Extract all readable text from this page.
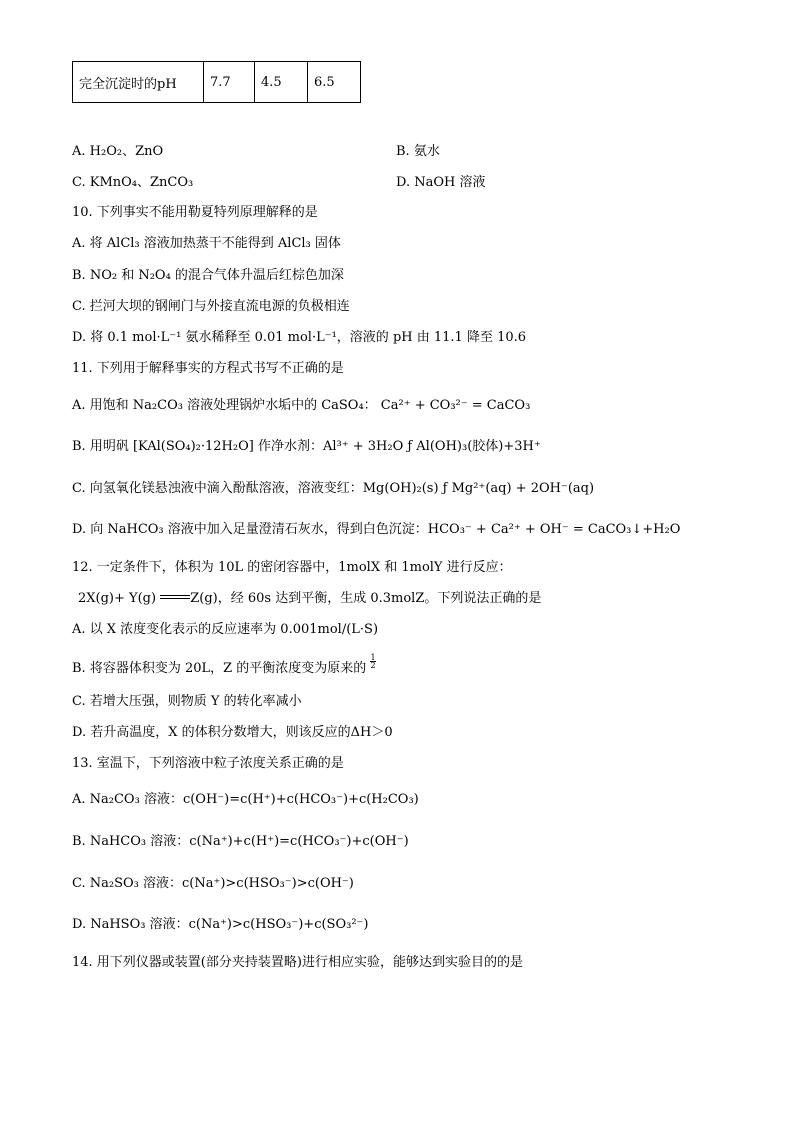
完全沉淀时的pH	7.7	4.5	6.5
A. H₂O₂、ZnO	B. 氨水
C. KMnO₄、ZnCO₃	D. NaOH 溶液
10. 下列事实不能用勒夏特列原理解释的是
A. 将 AlCl₃ 溶液加热蒸干不能得到 AlCl₃ 固体
B. NO₂ 和 N₂O₄ 的混合气体升温后红棕色加深
C. 拦河大坝的钢闸门与外接直流电源的负极相连
D. 将 0.1 mol·L⁻¹ 氨水稀释至 0.01 mol·L⁻¹，溶液的 pH 由 11.1 降至 10.6
11. 下列用于解释事实的方程式书写不正确的是
A. 用饱和 Na₂CO₃ 溶液处理锅炉水垢中的 CaSO₄： Ca²⁺ + CO₃²⁻ = CaCO₃
B. 用明矾 [KAl(SO₄)₂·12H₂O] 作净水剂：Al³⁺ + 3H₂O ƒ Al(OH)₃(胶体)+3H⁺
C. 向氢氧化镁悬浊液中滴入酚酞溶液，溶液变红：Mg(OH)₂(s) ƒ Mg²⁺(aq) + 2OH⁻(aq)
D. 向 NaHCO₃ 溶液中加入足量澄清石灰水，得到白色沉淀：HCO₃⁻ + Ca²⁺ + OH⁻ = CaCO₃↓+H₂O
12. 一定条件下，体积为 10L 的密闭容器中，1molX 和 1molY 进行反应：
2X(g)+ Y(g)	Z(g)，经 60s 达到平衡，生成 0.3molZ。下列说法正确的是
A. 以 X 浓度变化表示的反应速率为 0.001mol/(L·S)
B. 将容器体积变为 20L，Z 的平衡浓度变为原来的 $\frac{1}{2}$
C. 若增大压强，则物质 Y 的转化率减小
D. 若升高温度，X 的体积分数增大，则该反应的ΔH＞0
13. 室温下，下列溶液中粒子浓度关系正确的是
A. Na₂CO₃ 溶液：c(OH⁻)=c(H⁺)+c(HCO₃⁻)+c(H₂CO₃)
B. NaHCO₃ 溶液：c(Na⁺)+c(H⁺)=c(HCO₃⁻)+c(OH⁻)
C. Na₂SO₃ 溶液：c(Na⁺)>c(HSO₃⁻)>c(OH⁻)
D. NaHSO₃ 溶液：c(Na⁺)>c(HSO₃⁻)+c(SO₃²⁻)
14. 用下列仪器或装置(部分夹持装置略)进行相应实验，能够达到实验目的的是
